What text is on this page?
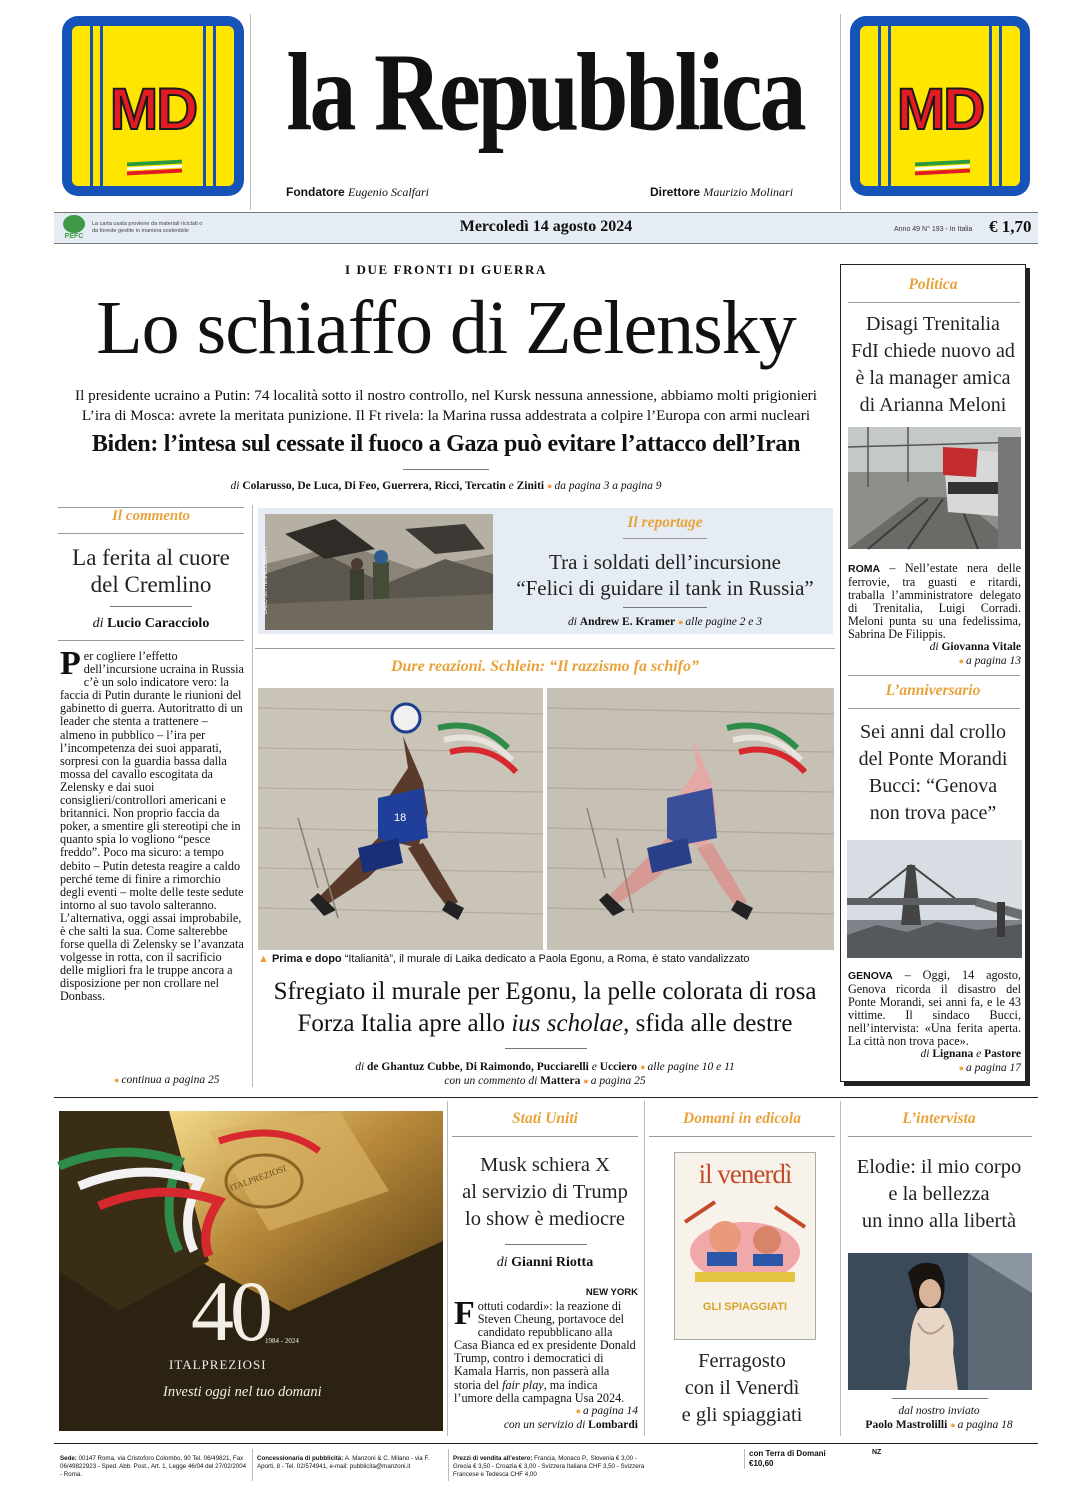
MD	MD
la Repubblica
Fondatore Eugenio Scalfari	Direttore Maurizio Molinari
PEFC
La carta usata proviene da materiali riciclati o da foreste gestite in maniera sostenibile	Mercoledì 14 agosto 2024	Anno 49 N° 193 - In Italia € 1,70
I DUE FRONTI DI GUERRA
Lo schiaffo di Zelensky
Il presidente ucraino a Putin: 74 località sotto il nostro controllo, nel Kursk nessuna annessione, abbiamo molti prigionieri
L’ira di Mosca: avrete la meritata punizione. Il Ft rivela: la Marina russa addestrata a colpire l’Europa con armi nucleari
Biden: l’intesa sul cessate il fuoco a Gaza può evitare l’attacco dell’Iran
di Colarusso, De Luca, Di Feo, Guerrera, Ricci, Tercatin e Ziniti ● da pagina 3 a pagina 9
Il commento
La ferita al cuore
del Cremlino
di Lucio Caracciolo
Per cogliere l’effetto dell’incursione ucraina in Russia c’è un solo indicatore vero: la faccia di Putin durante le riunioni del gabinetto di guerra. Autoritratto di un leader che stenta a trattenere – almeno in pubblico – l’ira per l’incompetenza dei suoi apparati, sorpresi con la guardia bassa dalla mossa del cavallo escogitata da Zelensky e dai suoi consiglieri/controllori americani e britannici. Non proprio faccia da poker, a smentire gli stereotipi che in quanto spia lo vogliono “pesce freddo”. Poco ma sicuro: a tempo debito – Putin detesta reagire a caldo perché teme di finire a rimorchio degli eventi – molte delle teste sedute intorno al suo tavolo salteranno. L’alternativa, oggi assai improbabile, è che salti la sua. Come salterebbe forse quella di Zelensky se l’avanzata volgesse in rotta, con il sacrificio delle migliori fra le truppe ancora a disposizione per non crollare nel Donbass.
● continua a pagina 25
DAVID GUTTENFELDER/NYT
Il reportage
Tra i soldati dell’incursione
“Felici di guidare il tank in Russia”
di Andrew E. Kramer ● alle pagine 2 e 3
Dure reazioni. Schlein: “Il razzismo fa schifo”
18
▲ Prima e dopo “Italianità”, il murale di Laika dedicato a Paola Egonu, a Roma, è stato vandalizzato
Sfregiato il murale per Egonu, la pelle colorata di rosa
Forza Italia apre allo ius scholae, sfida alle destre
di de Ghantuz Cubbe, Di Raimondo, Pucciarelli e Ucciero ● alle pagine 10 e 11
con un commento di Mattera ● a pagina 25
Politica
Disagi Trenitalia
FdI chiede nuovo ad
è la manager amica
di Arianna Meloni
ROMA – Nell’estate nera delle ferrovie, tra guasti e ritardi, traballa l’amministratore delegato di Trenitalia, Luigi Corradi. Meloni punta su una fedelissima, Sabrina De Filippis.
di Giovanna Vitale
● a pagina 13
L’anniversario
Sei anni dal crollo
del Ponte Morandi
Bucci: “Genova
non trova pace”
GENOVA – Oggi, 14 agosto, Genova ricorda il disastro del Ponte Morandi, sei anni fa, e le 43 vittime. Il sindaco Bucci, nell’intervista: «Una ferita aperta. La città non trova pace».
di Lignana e Pastore
● a pagina 17
ITALPREZIOSI
40
1984 - 2024
ITALPREZIOSI
Investi oggi nel tuo domani
Stati Uniti
Musk schiera X
al servizio di Trump
lo show è mediocre
di Gianni Riotta
NEW YORK
Fottuti codardi»: la reazione di Steven Cheung, portavoce del candidato repubblicano alla Casa Bianca ed ex presidente Donald Trump, contro i democratici di Kamala Harris, non passerà alla storia del fair play, ma indica l’umore della campagna Usa 2024.
● a pagina 14
con un servizio di Lombardi
Domani in edicola
il venerdì
GLI SPIAGGIATI
Ferragosto
con il Venerdì
e gli spiaggiati
L’intervista
Elodie: il mio corpo
e la bellezza
un inno alla libertà
dal nostro inviato
Paolo Mastrolilli ● a pagina 18
Sede: 00147 Roma, via Cristoforo Colombo, 90 Tel. 06/49821, Fax 06/49822923 - Sped. Abb. Post., Art. 1, Legge 46/04 del 27/02/2004 - Roma.
Concessionaria di pubblicità: A. Manzoni & C. Milano - via F. Aporti, 8 - Tel. 02/574941, e-mail: pubblicita@manzoni.it
Prezzi di vendita all’estero: Francia, Monaco P., Slovenia € 3,00 - Grecia € 3,50 - Croazia € 3,00 - Svizzera Italiana CHF 3,50 - Svizzera Francese e Tedesca CHF 4,00
con Terra di Domani
€10,60
NZ
